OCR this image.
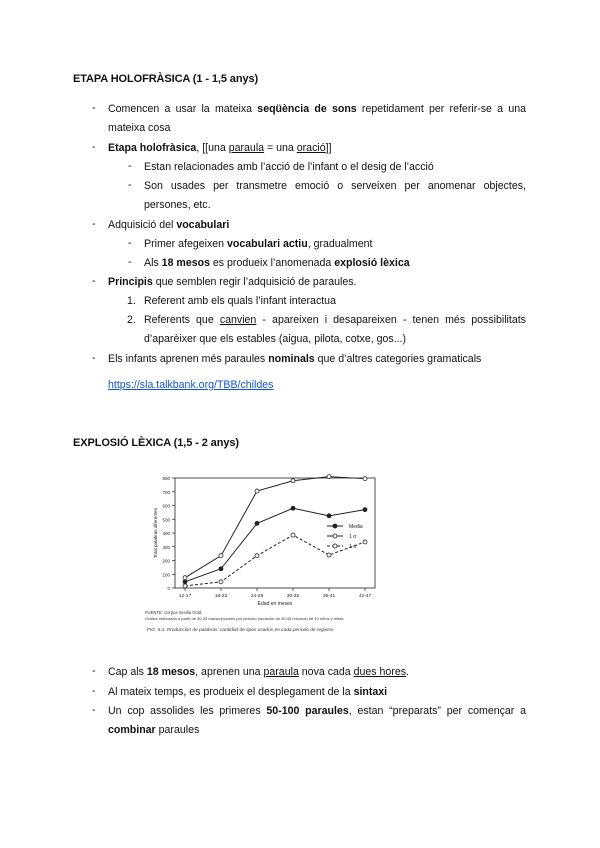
ETAPA HOLOFRÀSICA (1 - 1,5 anys)
- Comencen a usar la mateixa seqüència de sons repetidament per referir-se a una
mateixa cosa
- Etapa holofràsica, [[una paraula = una oració]]
- Estan relacionades amb l’acció de l’infant o el desig de l’acció
- Son usades per transmetre emoció o serveixen per anomenar objectes,
persones, etc.
- Adquisició del vocabulari
- Primer afegeixen vocabulari actiu, gradualment
- Als 18 mesos es produeix l’anomenada explosió lèxica
- Principis que semblen regir l’adquisició de paraules.
1. Referent amb els quals l’infant interactua
2. Referents que canvien - apareixen i desapareixen - tenen més possibilitats
d’aparèixer que els estables (aigua, pilota, cotxe, gos...)
- Els infants aprenen més paraules nominals que d’altres categories gramaticals
https://sla.talkbank.org/TBB/childes
EXPLOSIÓ LÈXICA (1,5 - 2 anys)
0
100
200
300
400
500
600
700
800
12-17	18-23	24-29	30-35	36-41	42-47
Edad en meses
Total palabras diferentes	Media
1 σ
1 σ
FUENTE: Corpus Sevilla Gold.
Gráfico elaborado a partir de 30-33 transcripciones por periodo (duración de 30-45 minutos) de 10 niños y niñas.
FIG. 5.1. Producción de palabras: cantidad de tipos usados en cada periodo de registro.
- Cap als 18 mesos, aprenen una paraula nova cada dues hores.
- Al mateix temps, es produeix el desplegament de la sintaxi
- Un cop assolides les primeres 50-100 paraules, estan “preparats” per començar a
combinar paraules
